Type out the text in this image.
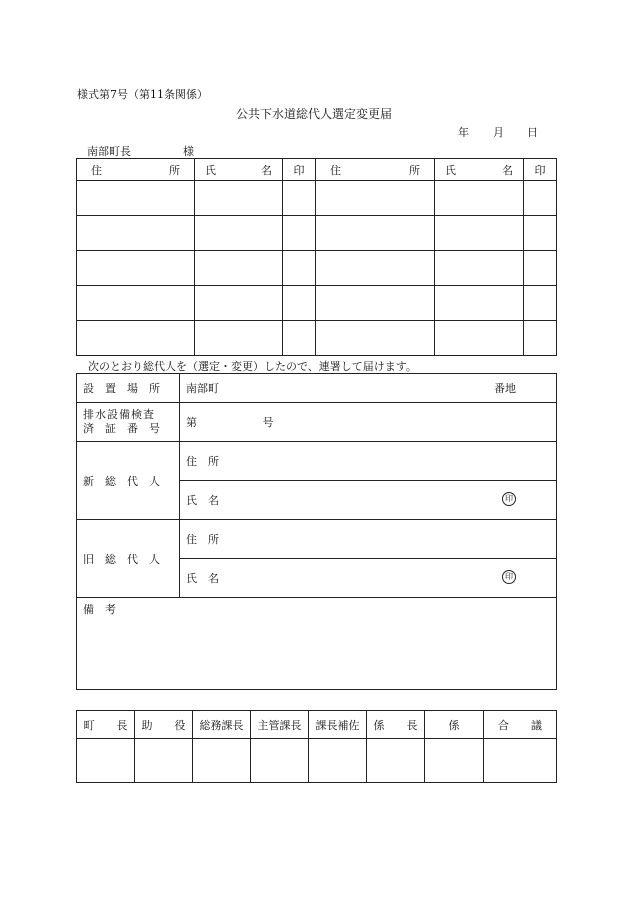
様式第7号（第11条関係）
公共下水道総代人選定変更届
年 月 日
南部町長	様
住 所	氏 名	印	住 所	氏 名	印

次のとおり総代人を（選定・変更）したので、連署して届けます。
設　置　場　所	南部町 番地

排水設備検査
済　証　番　号	第 号
新　総　代　人	住　所

	氏　名 印

旧　総　代　人	住　所

	氏　名 印

備　考	
町　　長	助　　役	総務課長	主管課長	課長補佐	係　　長	係	合　　議
